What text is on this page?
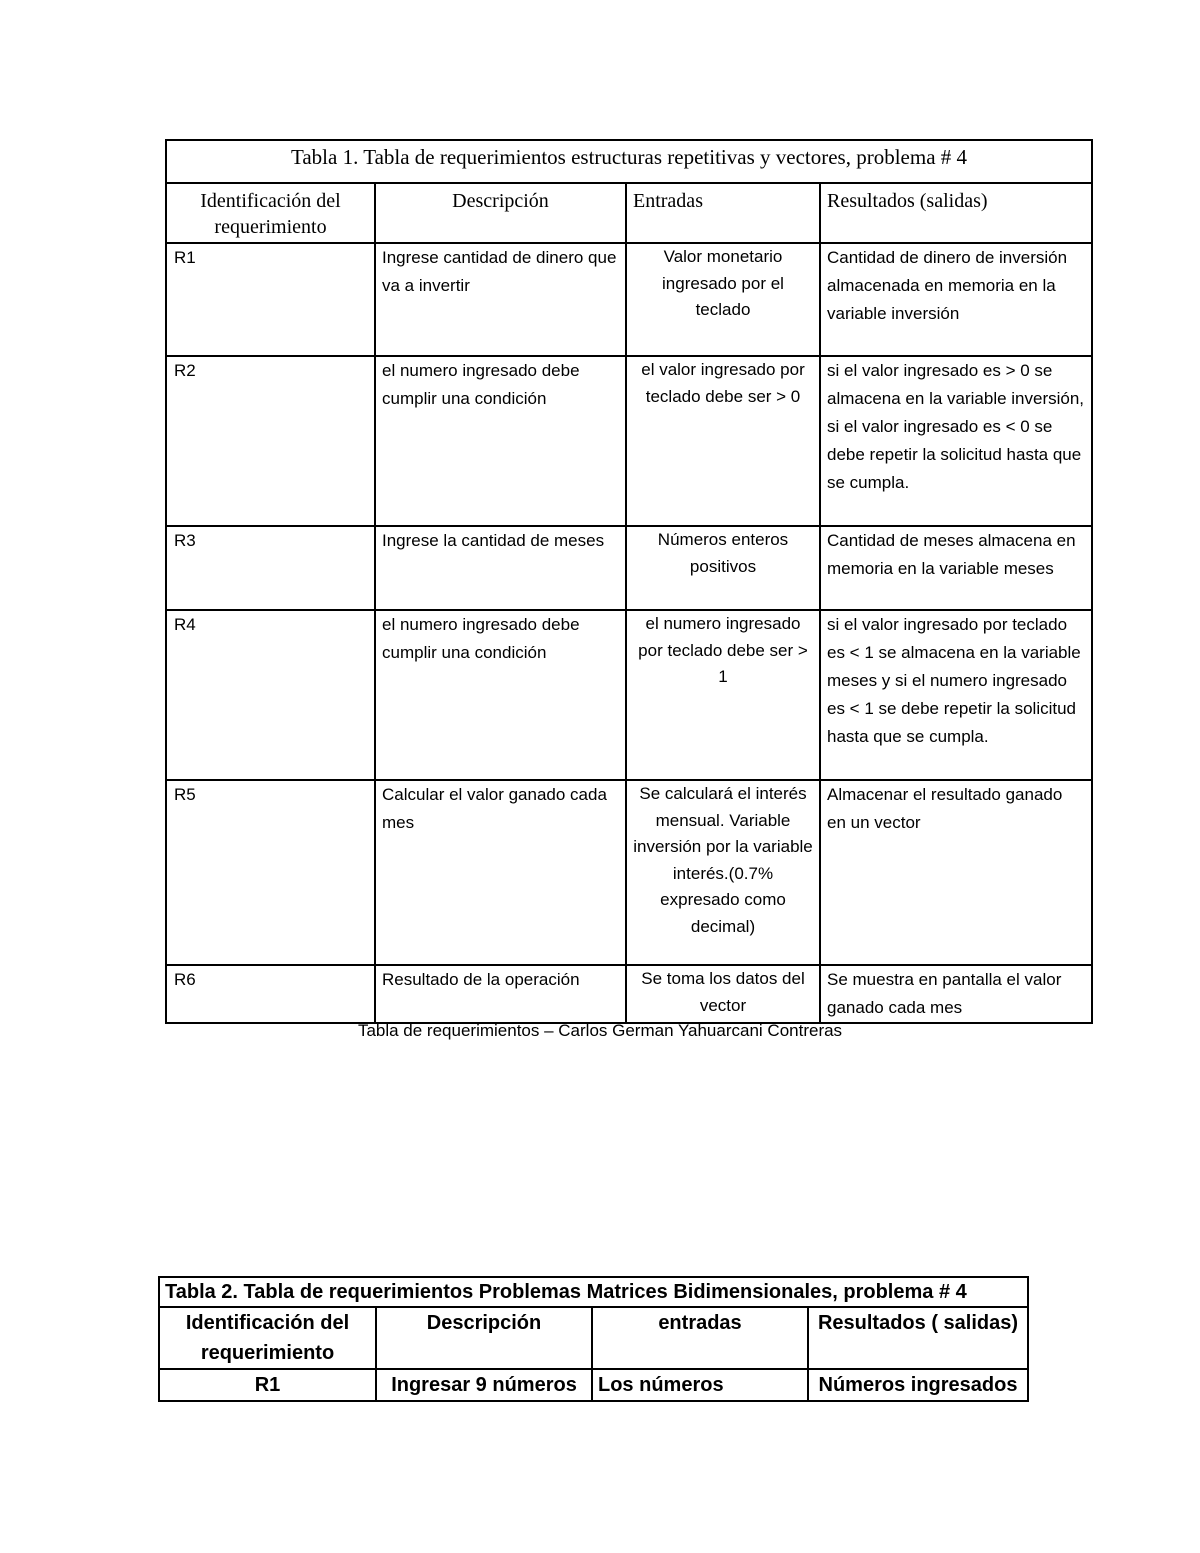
Tabla 1. Tabla de requerimientos estructuras repetitivas y vectores, problema # 4			
Identificación del requerimiento	Descripción	Entradas	Resultados (salidas)
R1	Ingrese cantidad de dinero que va a invertir	Valor monetario ingresado por el teclado	Cantidad de dinero de inversión almacenada en memoria en la variable inversión
R2	el numero ingresado debe cumplir una condición	el valor ingresado por teclado debe ser > 0	si el valor ingresado es > 0 se almacena en la variable inversión, si el valor ingresado es < 0 se debe repetir la solicitud hasta que se cumpla.
R3	Ingrese la cantidad de meses	Números enteros positivos	Cantidad de meses almacena en memoria en la variable meses
R4	el numero ingresado debe cumplir una condición	el numero ingresado por teclado debe ser > 1	si el valor ingresado por teclado es < 1 se almacena en la variable meses y si el numero ingresado es < 1 se debe repetir la solicitud hasta que se cumpla.
R5	Calcular el valor ganado cada mes	Se calculará el interés mensual. Variable inversión por la variable interés.(0.7% expresado como decimal)	Almacenar el resultado ganado en un vector
R6	Resultado de la operación	Se toma los datos del vector	Se muestra en pantalla el valor ganado cada mes
Tabla de requerimientos – Carlos German Yahuarcani Contreras
Tabla 2. Tabla de requerimientos Problemas Matrices Bidimensionales, problema # 4			
Identificación del requerimiento	Descripción	entradas	Resultados ( salidas)
R1	Ingresar 9 números	Los números	Números ingresados
